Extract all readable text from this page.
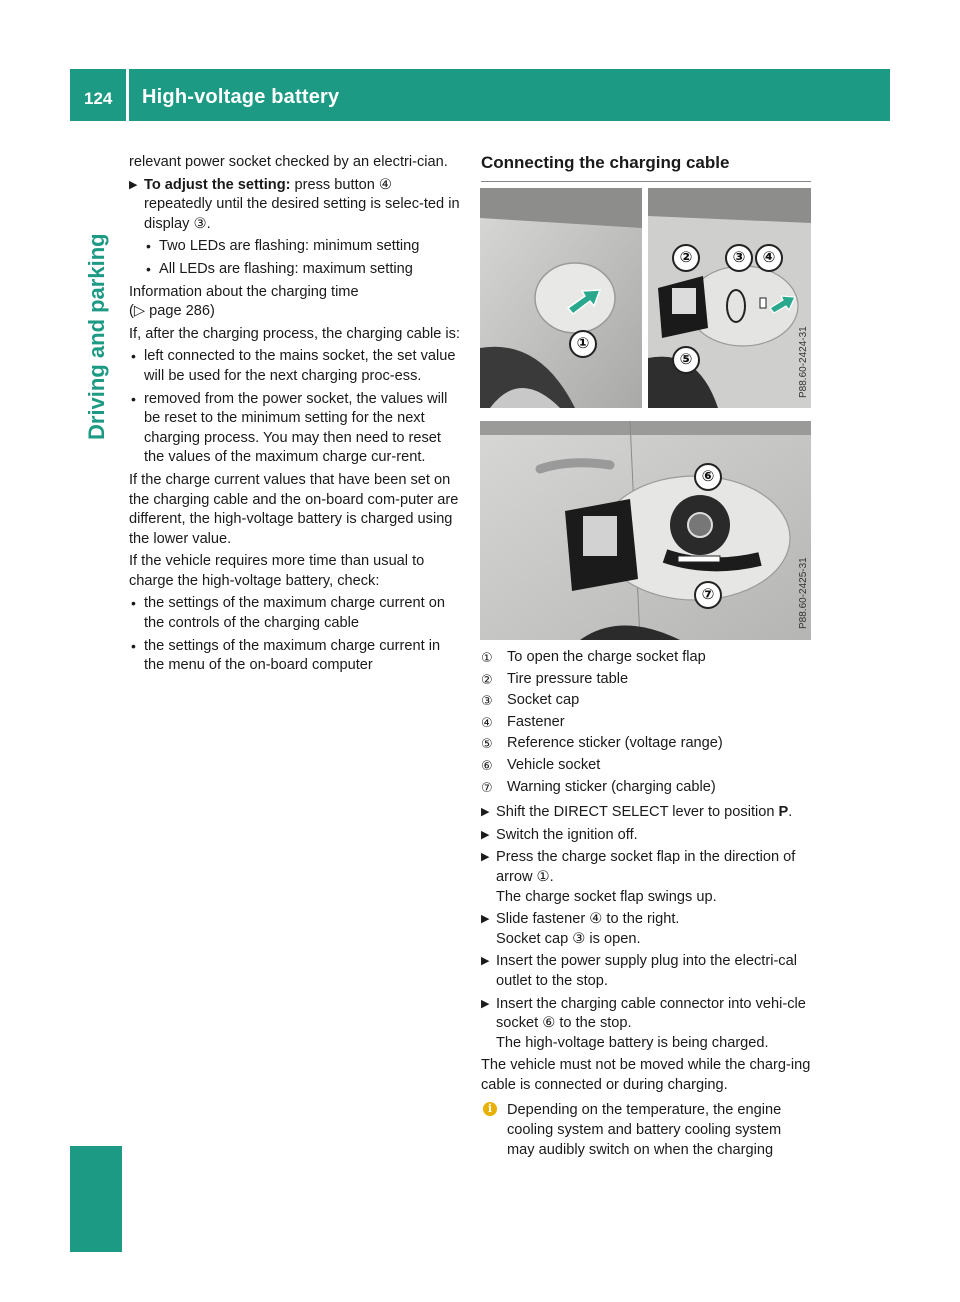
124 High-voltage battery
Driving and parking

relevant power socket checked by an electri-cian.

▶ To adjust the setting: press button ④ repeatedly until the desired setting is selec-ted in display ③.
• Two LEDs are flashing: minimum setting
• All LEDs are flashing: maximum setting

Information about the charging time

(▷ page 286)

If, after the charging process, the charging cable is:

• left connected to the mains socket, the set value will be used for the next charging proc-ess.
• removed from the power socket, the values will be reset to the minimum setting for the next charging process. You may then need to reset the values of the maximum charge cur-rent.

If the charge current values that have been set on the charging cable and the on-board com-puter are different, the high-voltage battery is charged using the lower value.

If the vehicle requires more time than usual to charge the high-voltage battery, check:

• the settings of the maximum charge current on the controls of the charging cable
• the settings of the maximum charge current in the menu of the on-board computer
Connecting the charging cable
①
②	③	④
⑤	P88.60-2424-31
⑥
⑦	P88.60-2425-31
① To open the charge socket flap
② Tire pressure table
③ Socket cap
④ Fastener
⑤ Reference sticker (voltage range)
⑥ Vehicle socket
⑦ Warning sticker (charging cable)
▶ Shift the DIRECT SELECT lever to position P.
▶ Switch the ignition off.
▶ Press the charge socket flap in the direction of arrow ①.
The charge socket flap swings up.
▶ Slide fastener ④ to the right.
Socket cap ③ is open.
▶ Insert the power supply plug into the electri-cal outlet to the stop.
▶ Insert the charging cable connector into vehi-cle socket ⑥ to the stop.
The high-voltage battery is being charged.

The vehicle must not be moved while the charg-ing cable is connected or during charging.

i	Depending on the temperature, the engine cooling system and battery cooling system may audibly switch on when the charging
